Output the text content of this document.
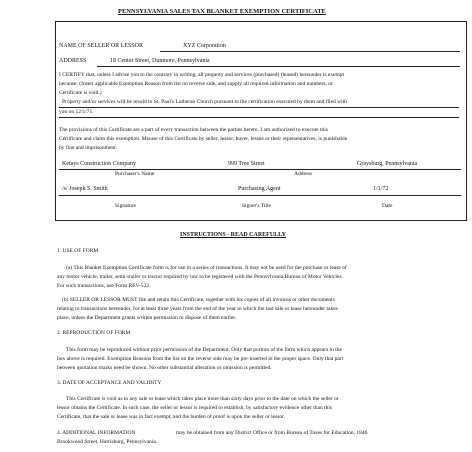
PENNSYLVANIA SALES TAX BLANKET EXEMPTION CERTIFICATE
NAME OF SELLER OR LESSOR	XYZ Corporation
ADDRESS	18 Center Street, Dunmore, Pennsylvania
I CERTIFY that, unless I advise you to the contrary in writing, all property and services (purchased) (leased) hereunder is exempt
because: (Insert applicable Exemption Reason from list on reverse side, and supply all required information and numbers, or
Certificate is void.)
Property and/or services will be resold to St. Paul's Lutheran Church pursuant to the certification executed by them and filed with
you on 12/1/71.
The provisions of this Certificate are a part of every transaction between the parties hereto. I am authorized to execute this
Certificate and claim this exemption. Misuse of this Certificate by seller, lessor, buyer, lessee or their representatives, is punishable
by fine and imprisonment.
Ketays Construction Company	999 Tree Street	Graysburg, Pennsylvania
Purchaser's Name	Address
/s/ Joseph S. Smith	Purchasing Agent	1/1/72
Signature	Signer's Title	Date
INSTRUCTIONS - READ CAREFULLY
1. USE OF FORM
(a) This Blanket Exemption Certificate form is for use in a series of transactions. It may not be used for the purchase or lease of
any motor vehicle, trailer, semi-trailer or tractor required by law to be registered with the Pennsylvania Bureau of Motor Vehicles.
For such transactions, use Form REV-532.
(b) SELLER OR LESSOR MUST file and retain this Certificate, together with his copies of all invoices or other documents
relating to transactions hereunder, for at least three years from the end of the year in which the last sale or lease hereunder takes
place, unless the Department grants written permission to dispose of them earlier.
2. REPRODUCTION OF FORM
This form may be reproduced without prior permission of the Department. Only that portion of the form which appears in the
box above is required. Exemption Reasons from the list on the reverse side may be pre-inserted in the proper space. Only that part
between quotation marks need be shown. No other substantial alteration or omission is permitted.
3. DATE OF ACCEPTANCE AND VALIDITY
This Certificate is void as to any sale or lease which takes place more than sixty days prior to the date on which the seller or
lessor obtains the Certificate. In such case, the seller or lessor is required to establish, by satisfactory evidence other than this
Certificate, that the sale or lease was in fact exempt, and the burden of proof is upon the seller or lessor.
4. ADDITIONAL INFORMATION	may be obtained from any District Office or from Bureau of Taxes for Education, 1846
Brookwood Street, Harrisburg, Pennsylvania.
